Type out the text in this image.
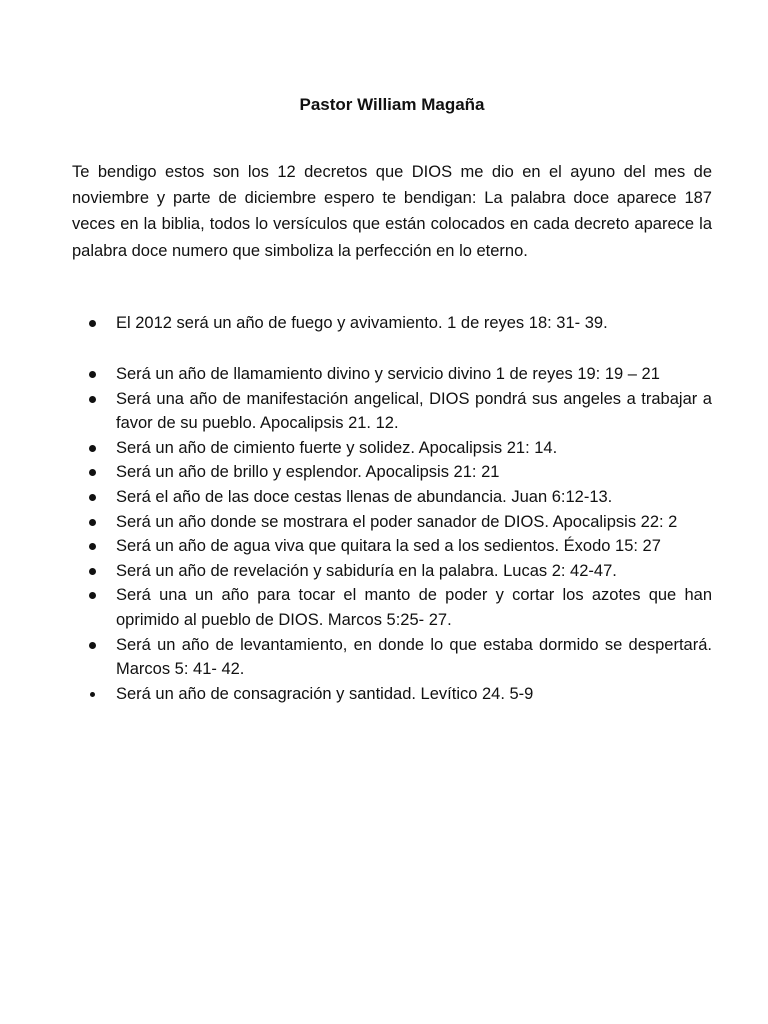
Pastor William Magaña

Te bendigo estos son los 12 decretos que DIOS me dio en el ayuno del mes de noviembre y parte de diciembre espero te bendigan: La palabra doce aparece 187 veces en la biblia, todos lo versículos que están colocados en cada decreto aparece la palabra doce numero que simboliza la perfección en lo eterno.

El 2012 será un año de fuego y avivamiento. 1 de reyes 18: 31- 39.
Será un año de llamamiento divino y servicio divino 1 de reyes 19: 19 – 21
Será una año de manifestación angelical, DIOS pondrá sus angeles a trabajar a favor de su pueblo. Apocalipsis 21. 12.
Será un año de cimiento fuerte y solidez. Apocalipsis 21: 14.
Será un año de brillo y esplendor. Apocalipsis 21: 21
Será el año de las doce cestas llenas de abundancia. Juan 6:12-13.
Será un año donde se mostrara el poder sanador de DIOS. Apocalipsis 22: 2
Será un año de agua viva que quitara la sed a los sedientos. Éxodo 15: 27
Será un año de revelación y sabiduría en la palabra. Lucas 2: 42-47.
Será una un año para tocar el manto de poder y cortar los azotes que han oprimido al pueblo de DIOS. Marcos 5:25- 27.
Será un año de levantamiento, en donde lo que estaba dormido se despertará. Marcos 5: 41- 42.
Será un año de consagración y santidad. Levítico 24. 5-9
